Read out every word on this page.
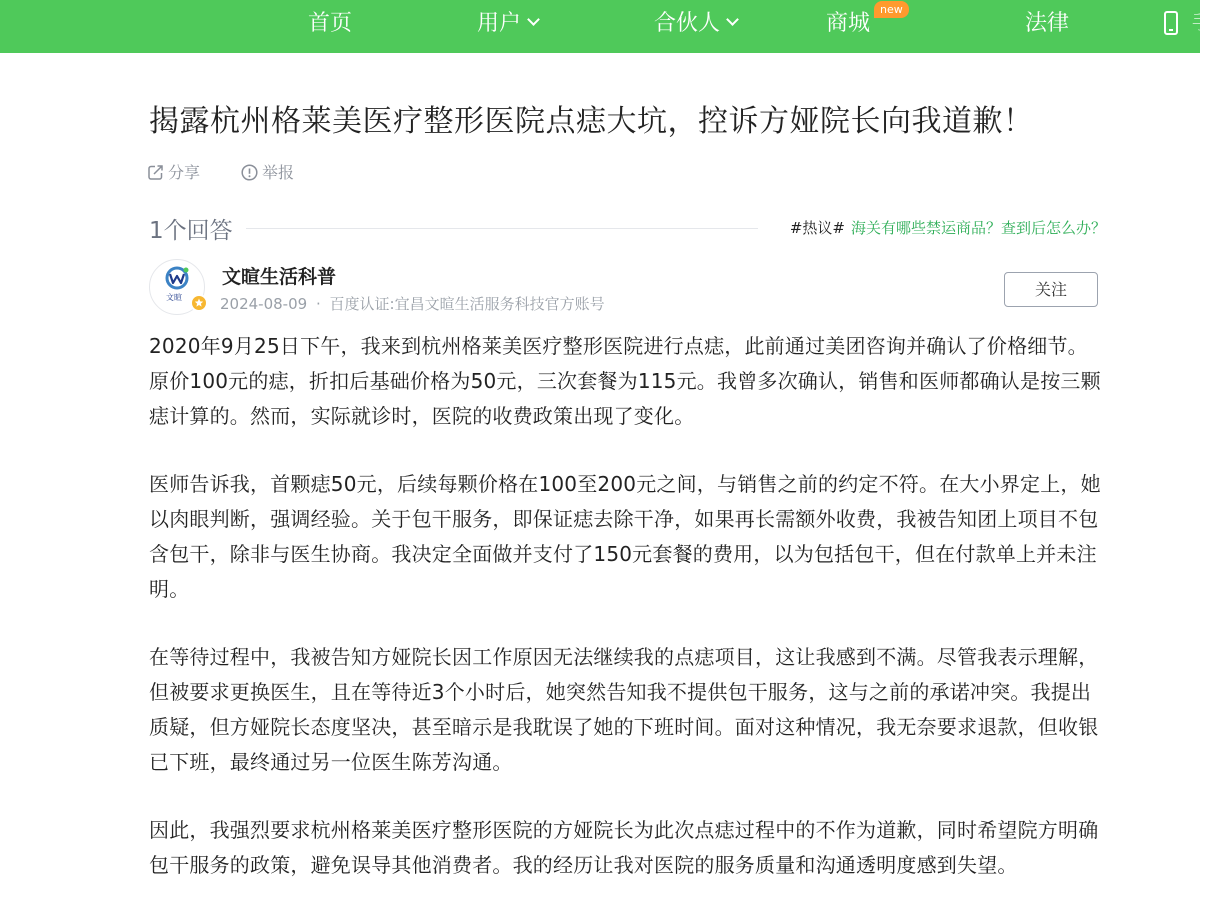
首页	用户	合伙人	商城
new
法律	手
揭露杭州格莱美医疗整形医院点痣大坑，控诉方娅院长向我道歉！
分享	举报
1个回答	#热议# 海关有哪些禁运商品？查到后怎么办？
文暄
文暄生活科普
2024-08-09 · 百度认证:宜昌文暄生活服务科技官方账号
关注

2020年9月25日下午，我来到杭州格莱美医疗整形医院进行点痣，此前通过美团咨询并确认了价格细节。原价100元的痣，折扣后基础价格为50元，三次套餐为115元。我曾多次确认，销售和医师都确认是按三颗痣计算的。然而，实际就诊时，医院的收费政策出现了变化。

医师告诉我，首颗痣50元，后续每颗价格在100至200元之间，与销售之前的约定不符。在大小界定上，她以肉眼判断，强调经验。关于包干服务，即保证痣去除干净，如果再长需额外收费，我被告知团上项目不包含包干，除非与医生协商。我决定全面做并支付了150元套餐的费用，以为包括包干，但在付款单上并未注明。

在等待过程中，我被告知方娅院长因工作原因无法继续我的点痣项目，这让我感到不满。尽管我表示理解，但被要求更换医生，且在等待近3个小时后，她突然告知我不提供包干服务，这与之前的承诺冲突。我提出质疑，但方娅院长态度坚决，甚至暗示是我耽误了她的下班时间。面对这种情况，我无奈要求退款，但收银已下班，最终通过另一位医生陈芳沟通。

因此，我强烈要求杭州格莱美医疗整形医院的方娅院长为此次点痣过程中的不作为道歉，同时希望院方明确包干服务的政策，避免误导其他消费者。我的经历让我对医院的服务质量和沟通透明度感到失望。
